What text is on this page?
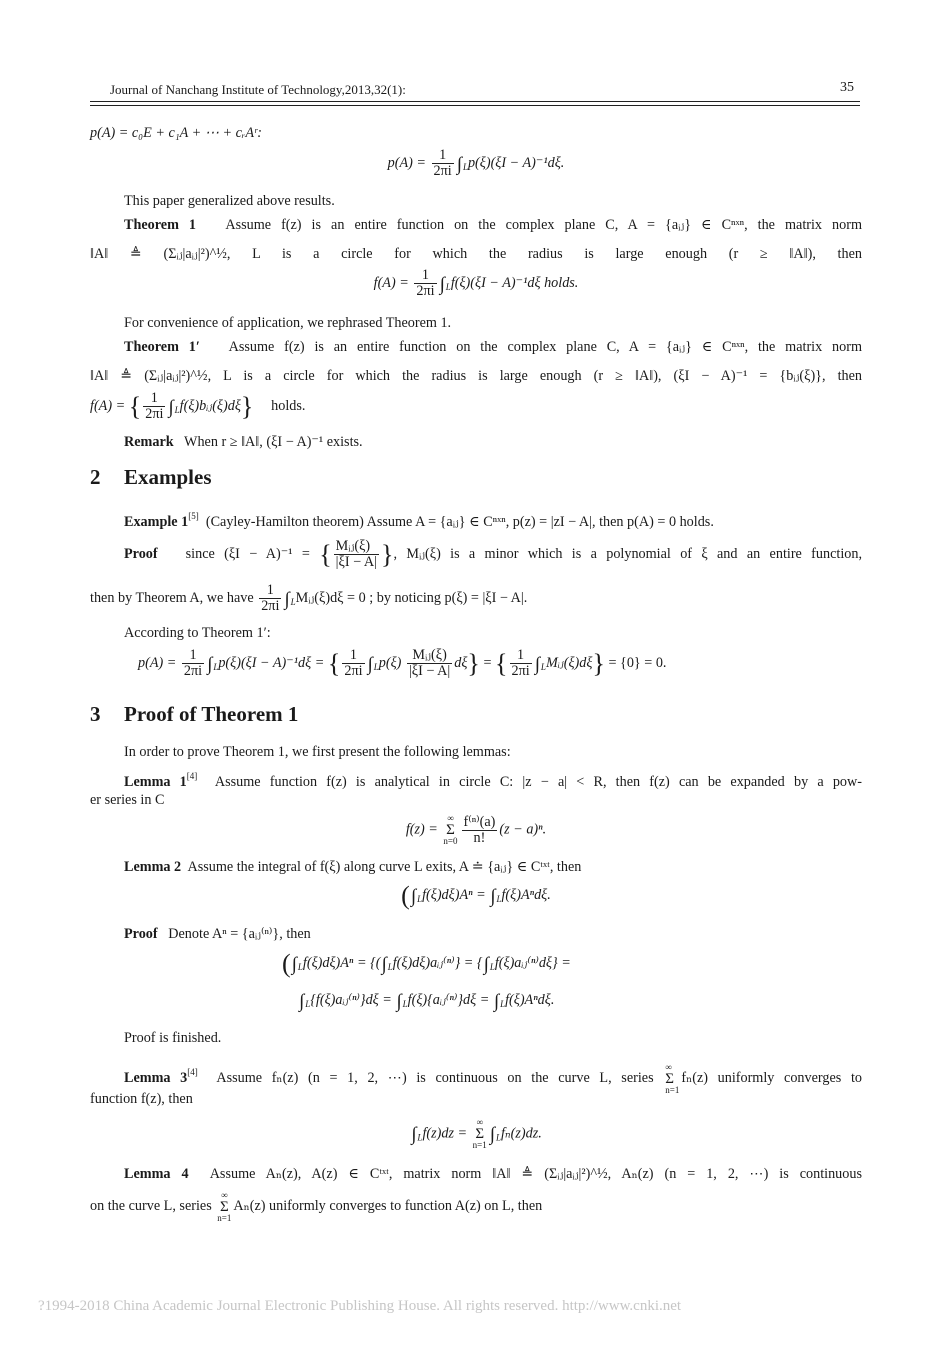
Journal of Nanchang Institute of Technology,2013,32(1):	35
p(A) = c₀E + c₁A + ⋯ + cᵣAʳ:
$p(A) = \frac{1}{2\pi i} \int_Lp(\xi)(\xi I - A)^{-1}d\xi$.
This paper generalized above results.
Theorem 1 Assume f(z) is an entire function on the complex plane C, A = {aᵢⱼ} ∈ Cⁿˣⁿ, the matrix norm
‖A‖ ≜ (Σᵢⱼ|aᵢⱼ|²)^½, L is a circle for which the radius is large enough (r ≥ ‖A‖), then
$f(A) = \frac{1}{2\pi i} \int_Lf(\xi)(\xi I - A)^{-1}d\xi$ holds.
For convenience of application, we rephrased Theorem 1.
Theorem 1′ Assume f(z) is an entire function on the complex plane C, A = {aᵢⱼ} ∈ Cⁿˣⁿ, the matrix norm
‖A‖ ≜ (Σᵢⱼ|aᵢⱼ|²)^½, L is a circle for which the radius is large enough (r ≥ ‖A‖), (ξI − A)⁻¹ = {bᵢⱼ(ξ)}, then
f(A) = { $\frac{1}{2\pi i}$ $\int_Lf(\xi)bᵢⱼ(\xi)d\xi$} holds.
Remark When r ≥ ‖A‖, (ξI − A)⁻¹ exists.
2 Examples
Example 1[5] (Cayley-Hamilton theorem) Assume A = {aᵢⱼ} ∈ Cⁿˣⁿ, p(z) = |zI − A|, then p(A) = 0 holds.
Proof since (ξI − A)⁻¹ = { $\frac{\text{Mᵢⱼ(ξ)}}{|\xi I - A|}$ }, Mᵢⱼ(ξ) is a minor which is a polynomial of ξ and an entire function,
then by Theorem A, we have $\frac{1}{2\pi i}$ $\int_LMᵢⱼ(\xi)d\xi = 0$ ; by noticing p(ξ) = |ξI − A|.
According to Theorem 1′:
$p(A) = \frac{1}{2\pi i} \int_Lp(\xi)(\xi I - A)^{-1}d\xi$ = { $\frac{1}{2\pi i} \int_Lp(\xi) \frac{\text{Mᵢⱼ(ξ)}}{|\xi I - A|} d\xi$} = { $\frac{1}{2\pi i}$ $\int_LMᵢⱼ(\xi)d\xi\} = \{0\} = 0$.
3 Proof of Theorem 1
In order to prove Theorem 1, we first present the following lemmas:
Lemma 1[4] Assume function f(z) is analytical in circle C: |z − a| < R, then f(z) can be expanded by a pow-
er series in C
f(z) =
∞
Σ
$n=0 \frac{\text{f⁽ⁿ⁾(a)}}{n!} (z - a)^n$.
Lemma 2 Assume the integral of f(ξ) along curve L exits, A ≐ {aᵢⱼ} ∈ Cᵗˣᵗ, then
$(\int_Lf(\xi)d\xi)A^n = \int_Lf(\xi)A^nd\xi$.
Proof Denote Aⁿ = {aᵢⱼ⁽ⁿ⁾}, then
$(\int_Lf(\xi)d\xi)A^n$ = $\{(\int_Lf(\xi)d\xi)aᵢⱼ^{(n)}\}$ = $\{\int_Lf(\xi)aᵢⱼ^{(n)}d\xi\}$ =
$\int_L\{f(\xi)aᵢⱼ^{(n)}\}d\xi$ = $\int_Lf(\xi)\{aᵢⱼ^{(n)}\}d\xi = \int_Lf(\xi)A^nd\xi$.
Proof is finished.
Lemma 3[4] Assume fₙ(z) (n = 1, 2, ⋯) is continuous on the curve L, series
∞
Σ
n=1
fₙ(z) uniformly converges to
function f(z), then
$\int_Lf(z)dz$ =
∞
Σ
n=1 $\int_Lf_n(z)dz$.
Lemma 4 Assume Aₙ(z), A(z) ∈ Cᵗˣᵗ, matrix norm ‖A‖ ≜ (Σᵢⱼ|aᵢⱼ|²)^½, Aₙ(z) (n = 1, 2, ⋯) is continuous
on the curve L, series
∞
Σ
n=1
Aₙ(z) uniformly converges to function A(z) on L, then
?1994-2018 China Academic Journal Electronic Publishing House. All rights reserved. http://www.cnki.net
